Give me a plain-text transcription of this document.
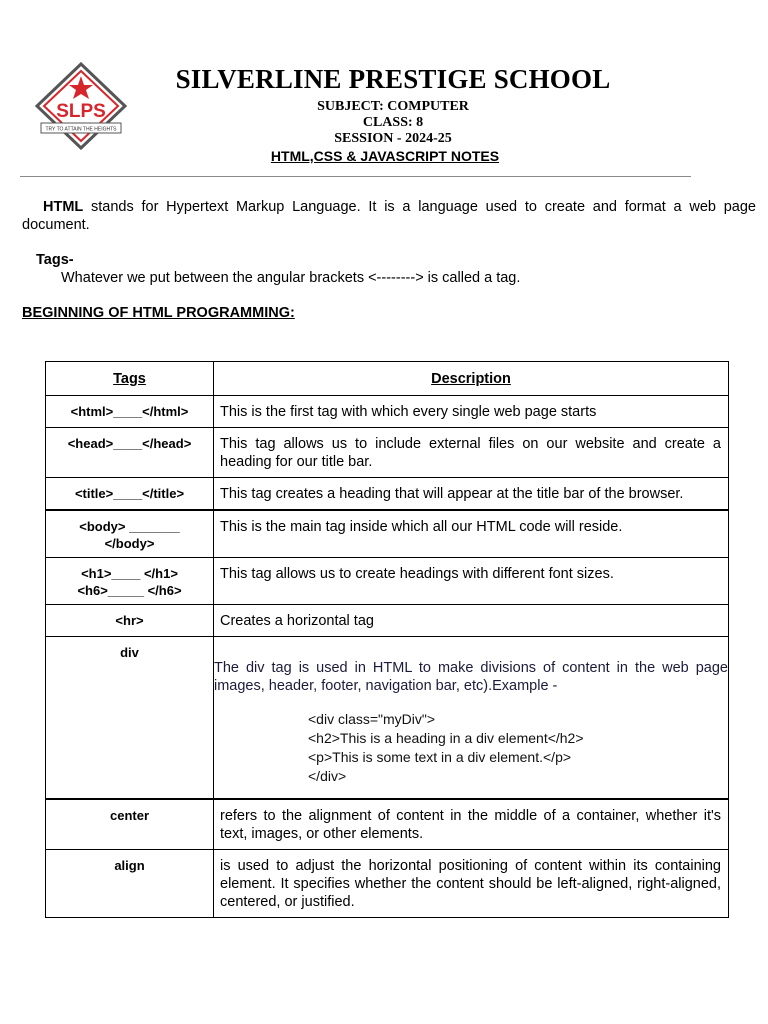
SLPS
TRY TO ATTAIN THE HEIGHTS
SILVERLINE PRESTIGE SCHOOL
SUBJECT: COMPUTER
CLASS: 8
SESSION - 2024-25
HTML,CSS & JAVASCRIPT NOTES
HTML stands for Hypertext Markup Language. It is a language used to create and format a web page document.
Tags-
Whatever we put between the angular brackets <--------> is called a tag.
BEGINNING OF HTML PROGRAMMING:
Tags	Description
<html>____</html>	This is the first tag with which every single web page starts
<head>____</head>	This tag allows us to include external files on our website and create a heading for our title bar.
<title>____</title>	This tag creates a heading that will appear at the title bar of the browser.

<body> _______
</body>	This is the main tag inside which all our HTML code will reside.

<h1>____ </h1>
<h6>_____ </h6>	This tag allows us to create headings with different font sizes.
<hr>	Creates a horizontal tag
div	The div tag is used in HTML to make divisions of content in the web page images, header, footer, navigation bar, etc).Example -
<div class="myDiv">
<h2>This is a heading in a div element</h2>
<p>This is some text in a div element.</p>
</div>

center	refers to the alignment of content in the middle of a container, whether it's text, images, or other elements.
align	is used to adjust the horizontal positioning of content within its containing element. It specifies whether the content should be left-aligned, right-aligned, centered, or justified.
